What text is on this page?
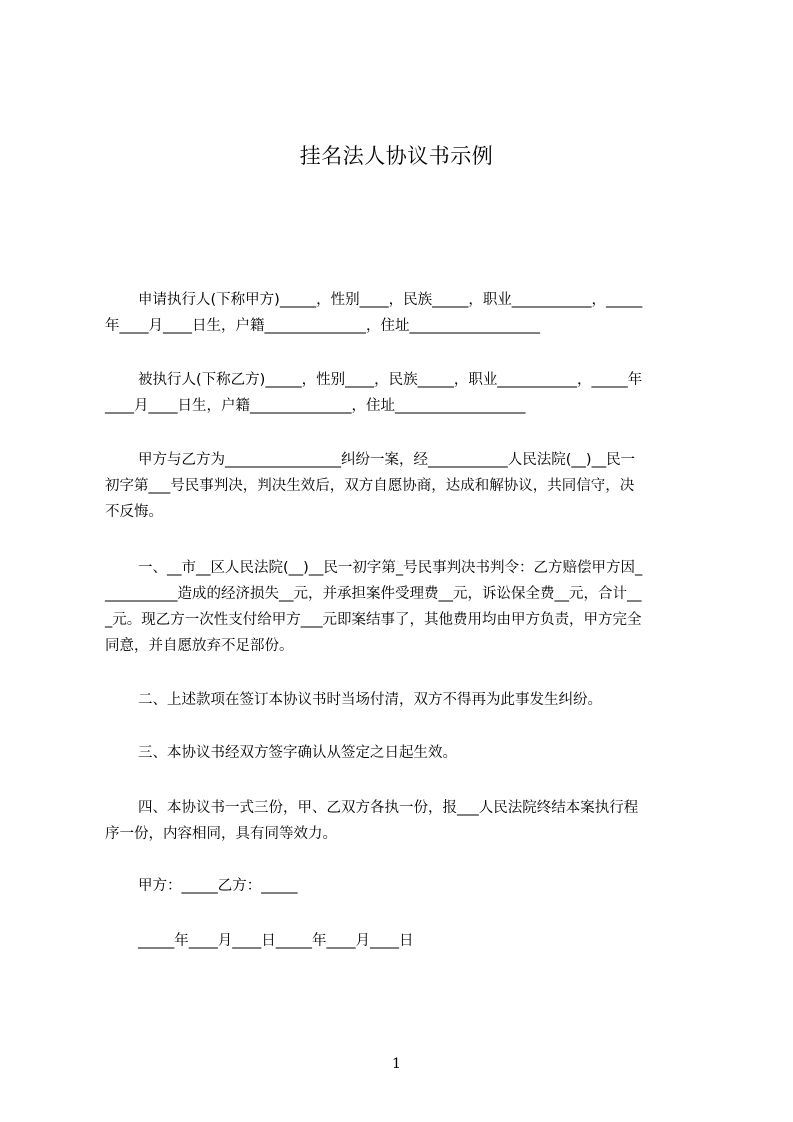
挂名法人协议书示例

申请执行人(下称甲方)_____，性别____，民族_____，职业___________，_____
年____月____日生，户籍______________，住址__________________

被执行人(下称乙方)_____，性别____，民族_____，职业___________，_____年
____月____日生，户籍______________，住址__________________

甲方与乙方为________________纠纷一案，经___________人民法院(__)__民一
初字第___号民事判决，判决生效后，双方自愿协商，达成和解协议，共同信守，决
不反悔。

一、__市__区人民法院(__)__民一初字第_号民事判决书判令：乙方赔偿甲方因_
__________造成的经济损失__元，并承担案件受理费__元，诉讼保全费__元，合计__
_元。现乙方一次性支付给甲方___元即案结事了，其他费用均由甲方负责，甲方完全
同意，并自愿放弃不足部份。

二、上述款项在签订本协议书时当场付清，双方不得再为此事发生纠纷。

三、本协议书经双方签字确认从签定之日起生效。

四、本协议书一式三份，甲、乙双方各执一份，报___人民法院终结本案执行程
序一份，内容相同，具有同等效力。

甲方：_____乙方：_____

_____年____月____日_____年____月____日

1
